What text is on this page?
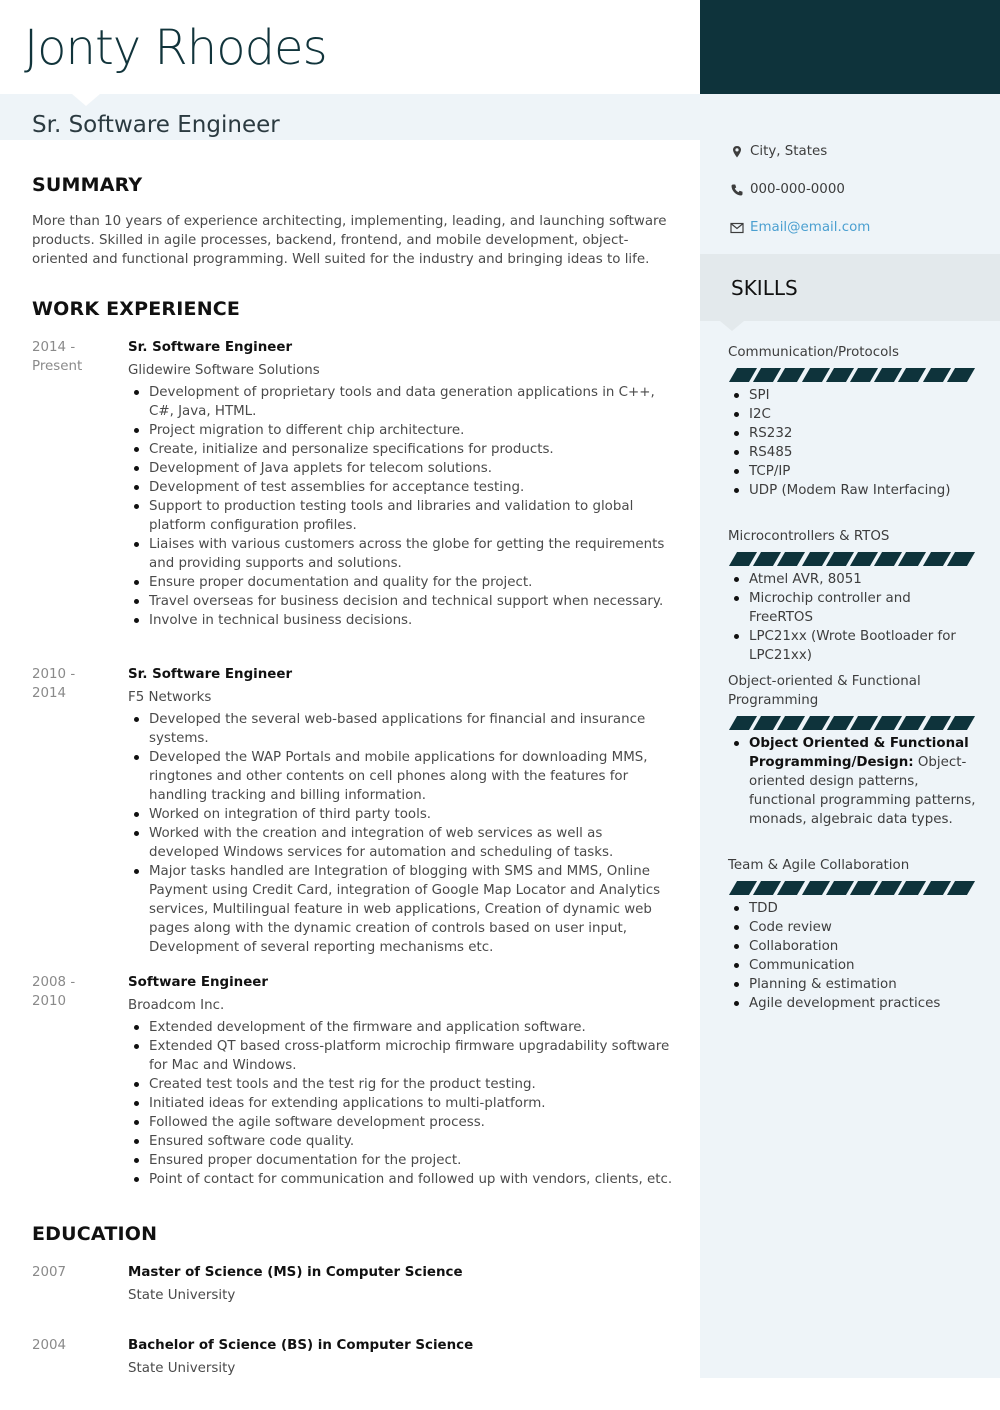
Jonty Rhodes
Sr. Software Engineer
SUMMARY
More than 10 years of experience architecting, implementing, leading, and launching software products. Skilled in agile processes, backend, frontend, and mobile development, object-oriented and functional programming. Well suited for the industry and bringing ideas to life.
WORK EXPERIENCE
2014 - Present
Sr. Software Engineer
Glidewire Software Solutions
Development of proprietary tools and data generation applications in C++, C#, Java, HTML.
Project migration to different chip architecture.
Create, initialize and personalize specifications for products.
Development of Java applets for telecom solutions.
Development of test assemblies for acceptance testing.
Support to production testing tools and libraries and validation to global platform configuration profiles.
Liaises with various customers across the globe for getting the requirements and providing supports and solutions.
Ensure proper documentation and quality for the project.
Travel overseas for business decision and technical support when necessary.
Involve in technical business decisions.
2010 - 2014
Sr. Software Engineer
F5 Networks
Developed the several web-based applications for financial and insurance systems.
Developed the WAP Portals and mobile applications for downloading MMS, ringtones and other contents on cell phones along with the features for handling tracking and billing information.
Worked on integration of third party tools.
Worked with the creation and integration of web services as well as developed Windows services for automation and scheduling of tasks.
Major tasks handled are Integration of blogging with SMS and MMS, Online Payment using Credit Card, integration of Google Map Locator and Analytics services, Multilingual feature in web applications, Creation of dynamic web pages along with the dynamic creation of controls based on user input, Development of several reporting mechanisms etc.
2008 - 2010
Software Engineer
Broadcom Inc.
Extended development of the firmware and application software.
Extended QT based cross-platform microchip firmware upgradability software for Mac and Windows.
Created test tools and the test rig for the product testing.
Initiated ideas for extending applications to multi-platform.
Followed the agile software development process.
Ensured software code quality.
Ensured proper documentation for the project.
Point of contact for communication and followed up with vendors, clients, etc.
EDUCATION
2007	Master of Science (MS) in Computer Science
State University
2004	Bachelor of Science (BS) in Computer Science
State University
City, States
000-000-0000
Email@email.com
SKILLS
Communication/Protocols
SPI
I2C
RS232
RS485
TCP/IP
UDP (Modem Raw Interfacing)
Microcontrollers & RTOS
Atmel AVR, 8051
Microchip controller and FreeRTOS
LPC21xx (Wrote Bootloader for LPC21xx)
Object-oriented & Functional Programming
Object Oriented & Functional Programming/Design: Object-oriented design patterns, functional programming patterns, monads, algebraic data types.
Team & Agile Collaboration
TDD
Code review
Collaboration
Communication
Planning & estimation
Agile development practices
